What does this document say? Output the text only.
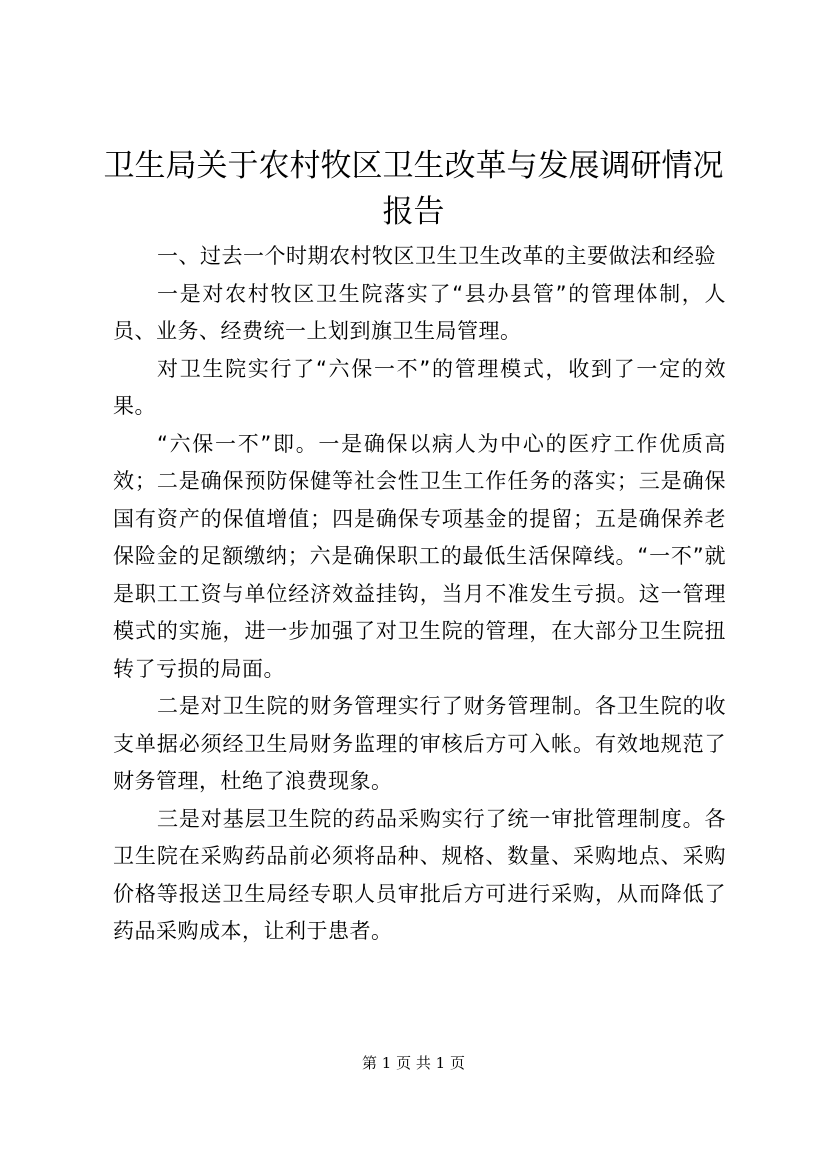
卫生局关于农村牧区卫生改革与发展调研情况
报告

一、过去一个时期农村牧区卫生卫生改革的主要做法和经验

一是对农村牧区卫生院落实了“县办县管”的管理体制，人员、业务、经费统一上划到旗卫生局管理。

对卫生院实行了“六保一不”的管理模式，收到了一定的效果。

“六保一不”即。一是确保以病人为中心的医疗工作优质高效；二是确保预防保健等社会性卫生工作任务的落实；三是确保国有资产的保值增值；四是确保专项基金的提留；五是确保养老保险金的足额缴纳；六是确保职工的最低生活保障线。“一不”就是职工工资与单位经济效益挂钩，当月不准发生亏损。这一管理模式的实施，进一步加强了对卫生院的管理，在大部分卫生院扭转了亏损的局面。

二是对卫生院的财务管理实行了财务管理制。各卫生院的收支单据必须经卫生局财务监理的审核后方可入帐。有效地规范了财务管理，杜绝了浪费现象。

三是对基层卫生院的药品采购实行了统一审批管理制度。各卫生院在采购药品前必须将品种、规格、数量、采购地点、采购价格等报送卫生局经专职人员审批后方可进行采购，从而降低了药品采购成本，让利于患者。

第 1 页 共 1 页
